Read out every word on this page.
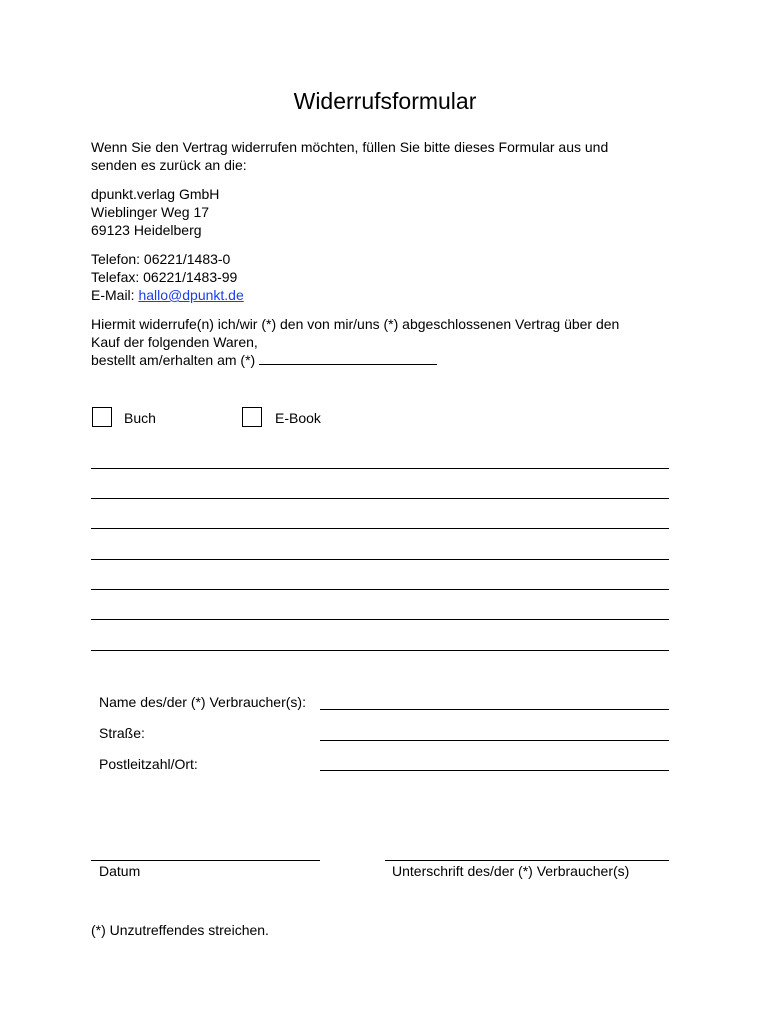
Widerrufsformular

Wenn Sie den Vertrag widerrufen möchten, füllen Sie bitte dieses Formular aus und
senden es zurück an die:

dpunkt.verlag GmbH
Wieblinger Weg 17
69123 Heidelberg

Telefon: 06221/1483-0
Telefax: 06221/1483-99
E-Mail: hallo@dpunkt.de

Hiermit widerrufe(n) ich/wir (*) den von mir/uns (*) abgeschlossenen Vertrag über den
Kauf der folgenden Waren,
bestellt am/erhalten am (*)

Buch	E-Book
Name des/der (*) Verbraucher(s):
Straße:
Postleitzahl/Ort:
Datum	Unterschrift des/der (*) Verbraucher(s)
(*) Unzutreffendes streichen.
